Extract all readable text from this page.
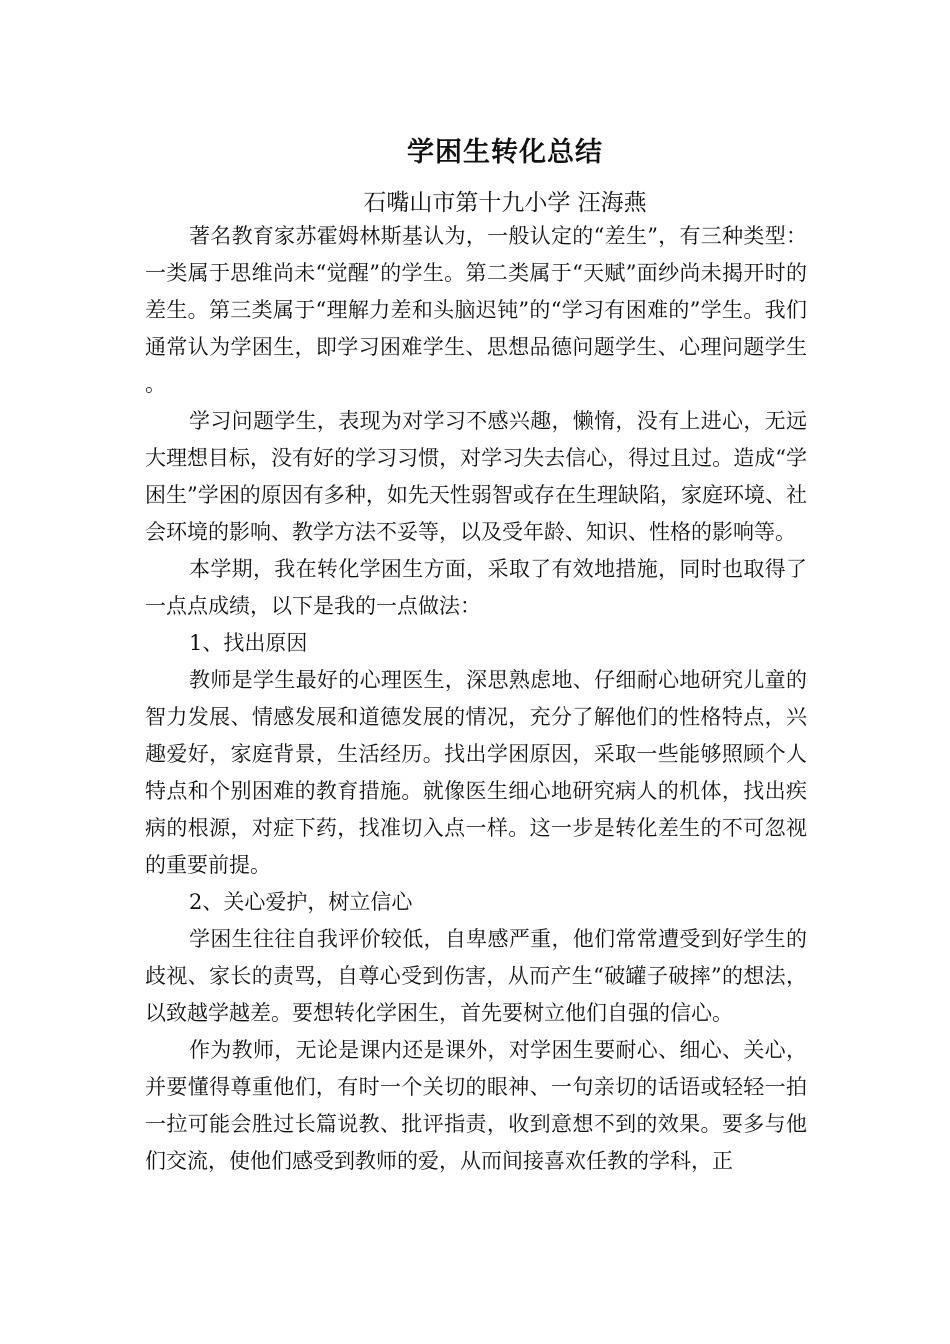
学困生转化总结
石嘴山市第十九小学 汪海燕

著名教育家苏霍姆林斯基认为，一般认定的“差生”，有三种类型：一类属于思维尚未“觉醒”的学生。第二类属于“天赋”面纱尚未揭开时的差生。第三类属于“理解力差和头脑迟钝”的“学习有困难的”学生。我们通常认为学困生，即学习困难学生、思想品德问题学生、心理问题学生 。

学习问题学生，表现为对学习不感兴趣，懒惰，没有上进心，无远大理想目标，没有好的学习习惯，对学习失去信心，得过且过。造成“学困生”学困的原因有多种，如先天性弱智或存在生理缺陷，家庭环境、社会环境的影响、教学方法不妥等，以及受年龄、知识、性格的影响等。

本学期，我在转化学困生方面，采取了有效地措施，同时也取得了一点点成绩，以下是我的一点做法：

1、找出原因

教师是学生最好的心理医生，深思熟虑地、仔细耐心地研究儿童的智力发展、情感发展和道德发展的情况，充分了解他们的性格特点，兴趣爱好，家庭背景，生活经历。找出学困原因，采取一些能够照顾个人特点和个别困难的教育措施。就像医生细心地研究病人的机体，找出疾病的根源，对症下药，找准切入点一样。这一步是转化差生的不可忽视的重要前提。

2、关心爱护，树立信心

学困生往往自我评价较低，自卑感严重，他们常常遭受到好学生的歧视、家长的责骂，自尊心受到伤害，从而产生“破罐子破摔”的想法，以致越学越差。要想转化学困生，首先要树立他们自强的信心。

作为教师，无论是课内还是课外，对学困生要耐心、细心、关心，并要懂得尊重他们，有时一个关切的眼神、一句亲切的话语或轻轻一拍一拉可能会胜过长篇说教、批评指责，收到意想不到的效果。要多与他们交流，使他们感受到教师的爱，从而间接喜欢任教的学科，正
